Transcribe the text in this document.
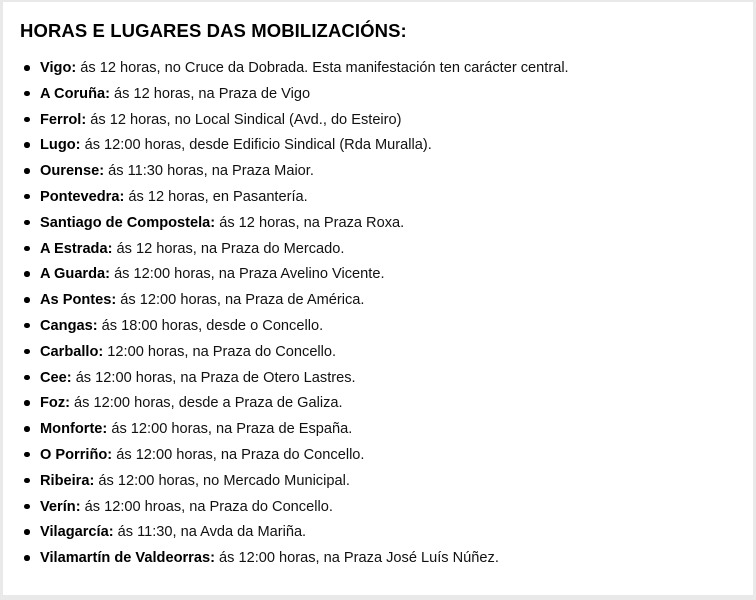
HORAS E LUGARES DAS MOBILIZACIÓNS:
Vigo: ás 12 horas, no Cruce da Dobrada. Esta manifestación ten carácter central.
A Coruña: ás 12 horas, na Praza de Vigo
Ferrol: ás 12 horas, no Local Sindical (Avd., do Esteiro)
Lugo: ás 12:00 horas, desde Edificio Sindical (Rda Muralla).
Ourense: ás 11:30 horas, na Praza Maior.
Pontevedra: ás 12 horas, en Pasantería.
Santiago de Compostela: ás 12 horas, na Praza Roxa.
A Estrada: ás 12 horas, na Praza do Mercado.
A Guarda: ás 12:00 horas, na Praza Avelino Vicente.
As Pontes: ás 12:00 horas, na Praza de América.
Cangas: ás 18:00 horas, desde o Concello.
Carballo: 12:00 horas, na Praza do Concello.
Cee: ás 12:00 horas, na Praza de Otero Lastres.
Foz: ás 12:00 horas, desde a Praza de Galiza.
Monforte: ás 12:00 horas, na Praza de España.
O Porriño: ás 12:00 horas, na Praza do Concello.
Ribeira: ás 12:00 horas, no Mercado Municipal.
Verín: ás 12:00 hroas, na Praza do Concello.
Vilagarcía: ás 11:30, na Avda da Mariña.
Vilamartín de Valdeorras: ás 12:00 horas, na Praza José Luís Núñez.
